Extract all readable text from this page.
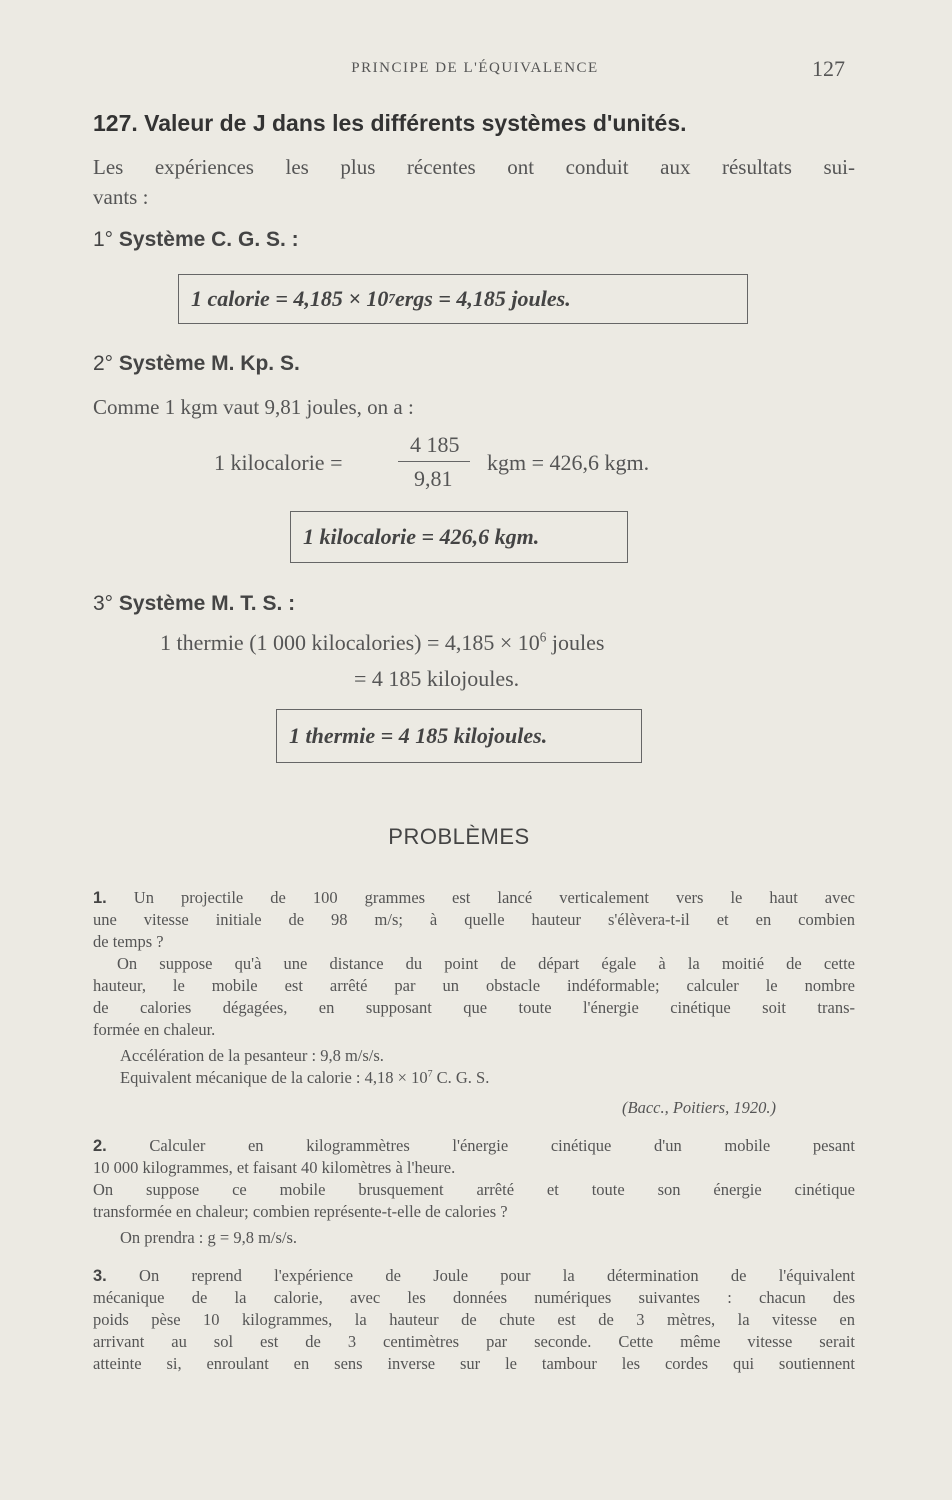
PRINCIPE DE L'ÉQUIVALENCE	127
127. Valeur de J dans les différents systèmes d'unités.
Les expériences les plus récentes ont conduit aux résultats sui-
vants :
1° Système C. G. S. :
1 calorie = 4,185 × 10 7 ergs = 4,185 joules.
2° Système M. Kp. S.
Comme 1 kgm vaut 9,81 joules, on a :
1 kilocalorie =
4 185
9,81
kgm = 426,6 kgm.
1 kilocalorie = 426,6 kgm.
3° Système M. T. S. :
1 thermie (1 000 kilocalories) = $4,185 \times 10^6$ joules
= 4 185 kilojoules.
1 thermie = 4 185 kilojoules.
PROBLÈMES
1. Un projectile de 100 grammes est lancé verticalement vers le haut avec
une vitesse initiale de 98 m/s; à quelle hauteur s'élèvera-t-il et en combien
de temps ?
On suppose qu'à une distance du point de départ égale à la moitié de cette
hauteur, le mobile est arrêté par un obstacle indéformable; calculer le nombre
de calories dégagées, en supposant que toute l'énergie cinétique soit trans-
formée en chaleur.
Accélération de la pesanteur : 9,8 m/s/s.
Equivalent mécanique de la calorie : $4,18 \times 10^7$ C. G. S.
(Bacc., Poitiers, 1920.)
2.	Calculer en kilogrammètres l'énergie cinétique d'un mobile pesant
10 000 kilogrammes, et faisant 40 kilomètres à l'heure.
On suppose ce mobile brusquement arrêté et toute son énergie cinétique
transformée en chaleur; combien représente-t-elle de calories ?
On prendra : g = 9,8 m/s/s.
3. On reprend l'expérience de Joule pour la détermination de l'équivalent
mécanique de la calorie, avec les données numériques suivantes : chacun des
poids pèse 10 kilogrammes, la hauteur de chute est de 3 mètres, la vitesse en
arrivant au sol est de 3 centimètres par seconde. Cette même vitesse serait
atteinte si, enroulant en sens inverse sur le tambour les cordes qui soutiennent
